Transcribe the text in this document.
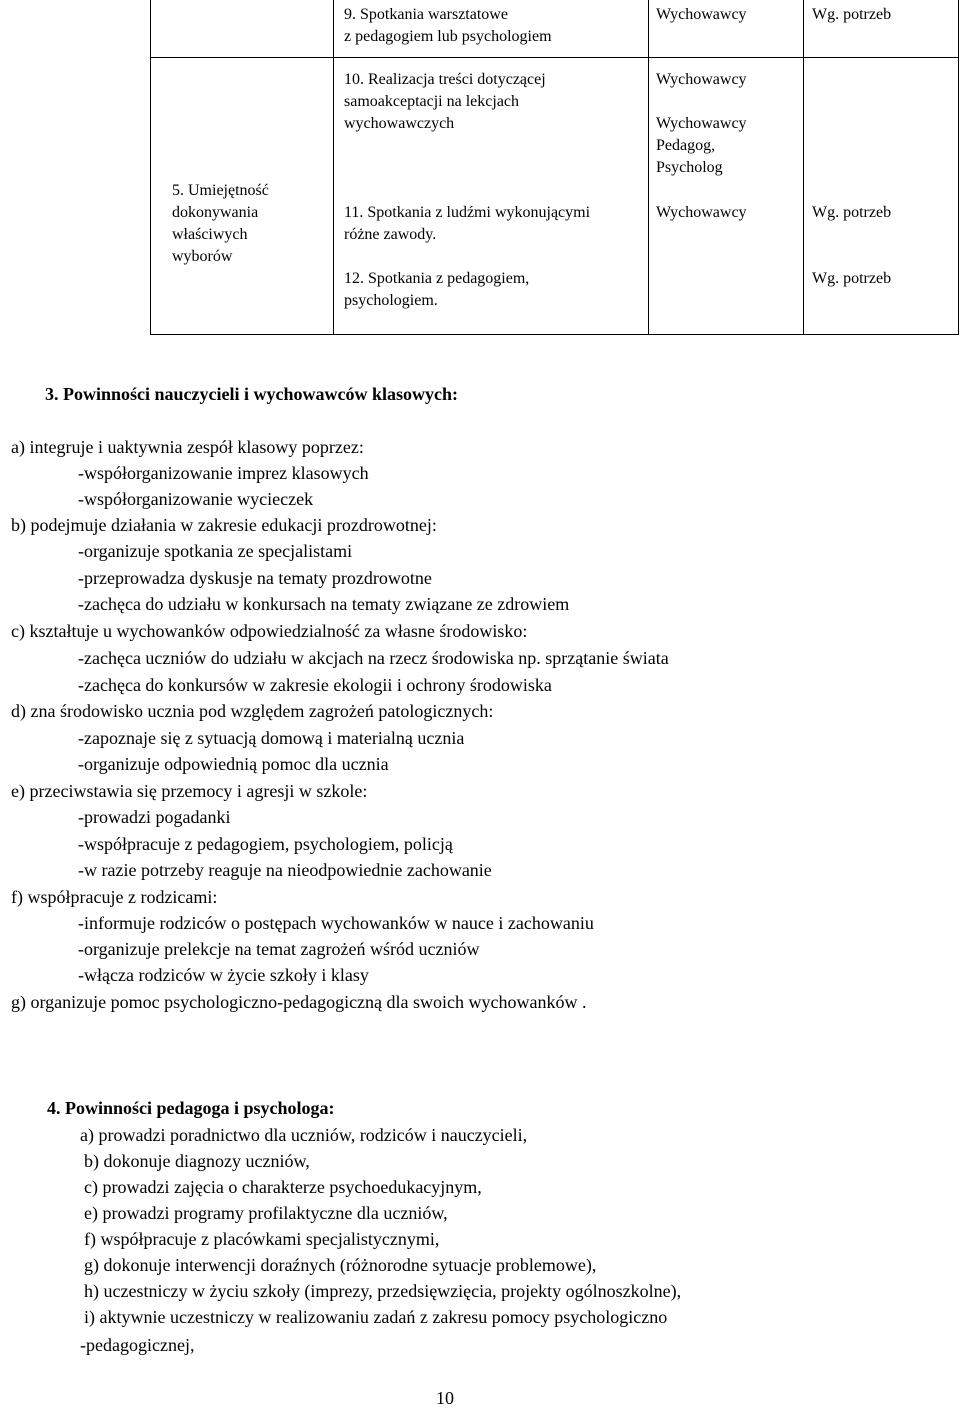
9. Spotkania warsztatowe
z pedagogiem lub psychologiem
Wychowawcy	Wg. potrzeb
5. Umiejętność
dokonywania
właściwych
wyborów
10. Realizacja treści dotyczącej
samoakceptacji na lekcjach
wychowawczych
11. Spotkania z ludźmi wykonującymi
różne zawody.
12. Spotkania z pedagogiem,
psychologiem.
Wychowawcy
Wychowawcy
Pedagog,
Psycholog
Wychowawcy	Wg. potrzeb
Wg. potrzeb
3. Powinności nauczycieli i wychowawców klasowych:
a) integruje i uaktywnia zespół klasowy poprzez:
-współorganizowanie imprez klasowych
-współorganizowanie wycieczek
b) podejmuje działania w zakresie edukacji prozdrowotnej:
-organizuje spotkania ze specjalistami
-przeprowadza dyskusje na tematy prozdrowotne
-zachęca do udziału w konkursach na tematy związane ze zdrowiem
c) kształtuje u wychowanków odpowiedzialność za własne środowisko:
-zachęca uczniów do udziału w akcjach na rzecz środowiska np. sprzątanie świata
-zachęca do konkursów w zakresie ekologii i ochrony środowiska
d) zna środowisko ucznia pod względem zagrożeń patologicznych:
-zapoznaje się z sytuacją domową i materialną ucznia
-organizuje odpowiednią pomoc dla ucznia
e) przeciwstawia się przemocy i agresji w szkole:
-prowadzi pogadanki
-współpracuje z pedagogiem, psychologiem, policją
-w razie potrzeby reaguje na nieodpowiednie zachowanie
f) współpracuje z rodzicami:
-informuje rodziców o postępach wychowanków w nauce i zachowaniu
-organizuje prelekcje na temat zagrożeń wśród uczniów
-włącza rodziców w życie szkoły i klasy
g) organizuje pomoc psychologiczno-pedagogiczną dla swoich wychowanków .
4. Powinności pedagoga i psychologa:
a) prowadzi poradnictwo dla uczniów, rodziców i nauczycieli,
b) dokonuje diagnozy uczniów,
c) prowadzi zajęcia o charakterze psychoedukacyjnym,
e) prowadzi programy profilaktyczne dla uczniów,
f) współpracuje z placówkami specjalistycznymi,
g) dokonuje interwencji doraźnych (różnorodne sytuacje problemowe),
h) uczestniczy w życiu szkoły (imprezy, przedsięwzięcia, projekty ogólnoszkolne),
i) aktywnie uczestniczy w realizowaniu zadań z zakresu pomocy psychologiczno
-pedagogicznej,
10
